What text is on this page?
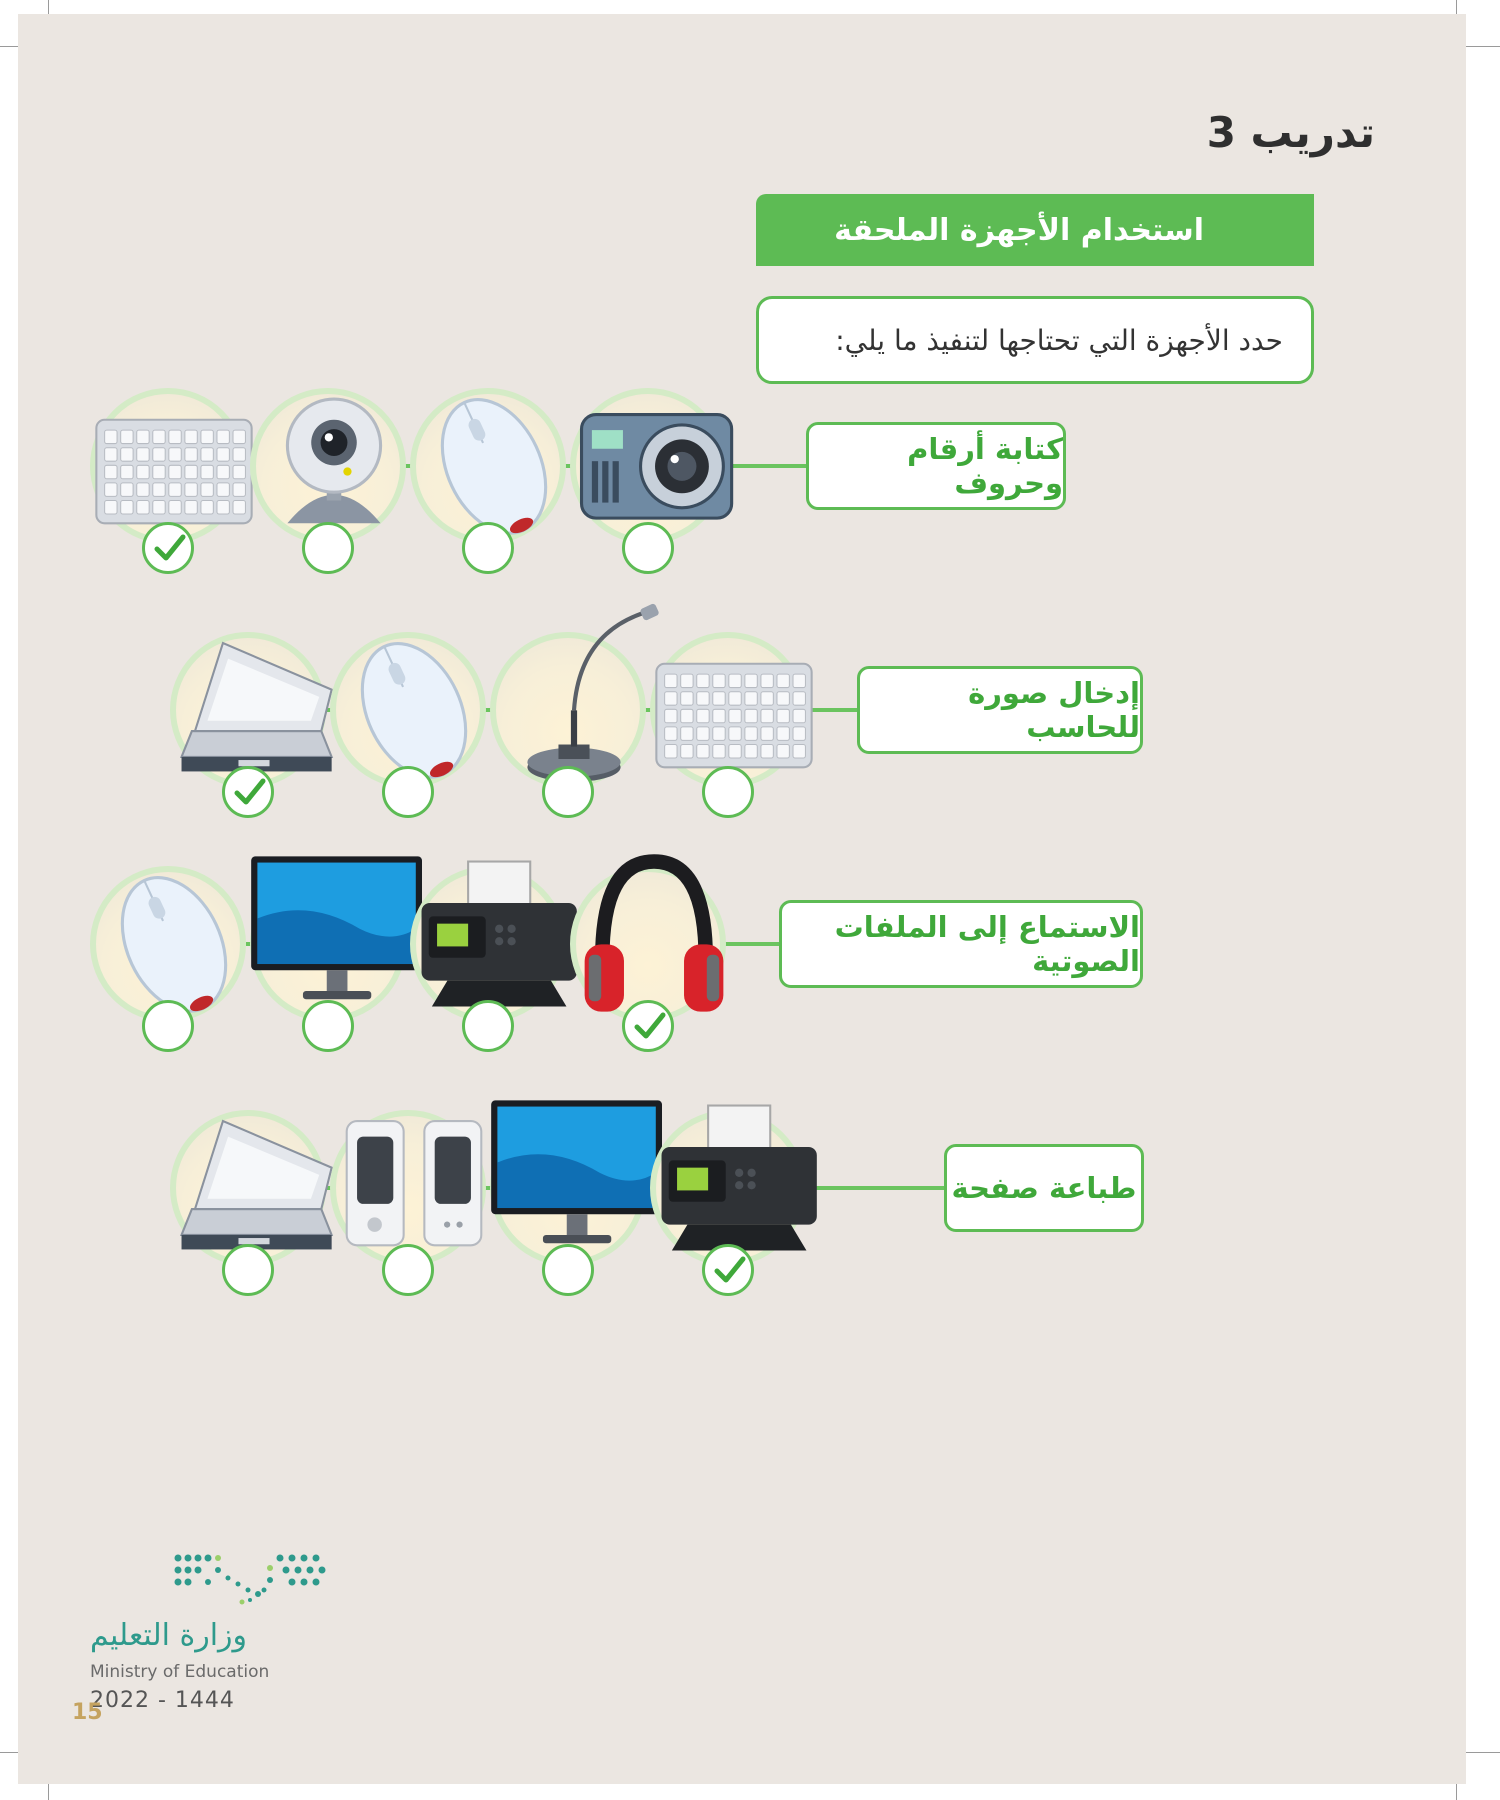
تدريب 3
استخدام الأجهزة الملحقة
حدد الأجهزة التي تحتاجها لتنفيذ ما يلي:
كتابة أرقام وحروف
إدخال صورة للحاسب
الاستماع إلى الملفات الصوتية
طباعة صفحة
وزارة التعليم
Ministry of Education
2022 - 1444
15
